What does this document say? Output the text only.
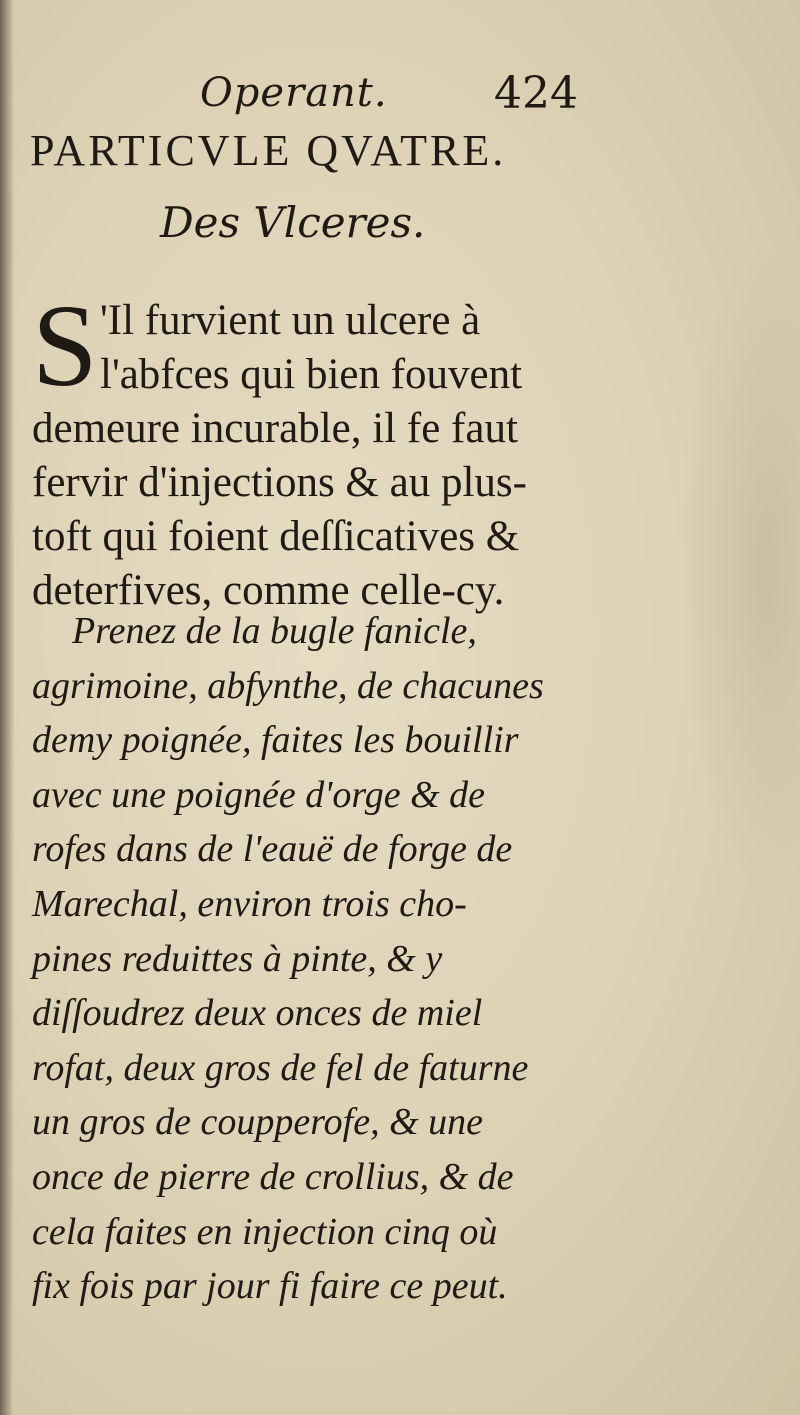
Operant. 424
PARTICVLE QVATRE.
Des Vlceres.
S 'Il furvient un ulcere à
l'abfces qui bien fouvent
demeure incurable, il fe faut
fervir d'injections & au plus-
toft qui foient deſſicatives &
deterfives, comme celle-cy.
Prenez de la bugle fanicle,
agrimoine, abfynthe, de chacunes
demy poignée, faites les bouillir
avec une poignée d'orge & de
rofes dans de l'eauë de forge de
Marechal, environ trois cho-
pines reduittes à pinte, & y
diſſoudrez deux onces de miel
rofat, deux gros de fel de faturne
un gros de coupperofe, & une
once de pierre de crollius, & de
cela faites en injection cinq où
fix fois par jour fi faire ce peut.
